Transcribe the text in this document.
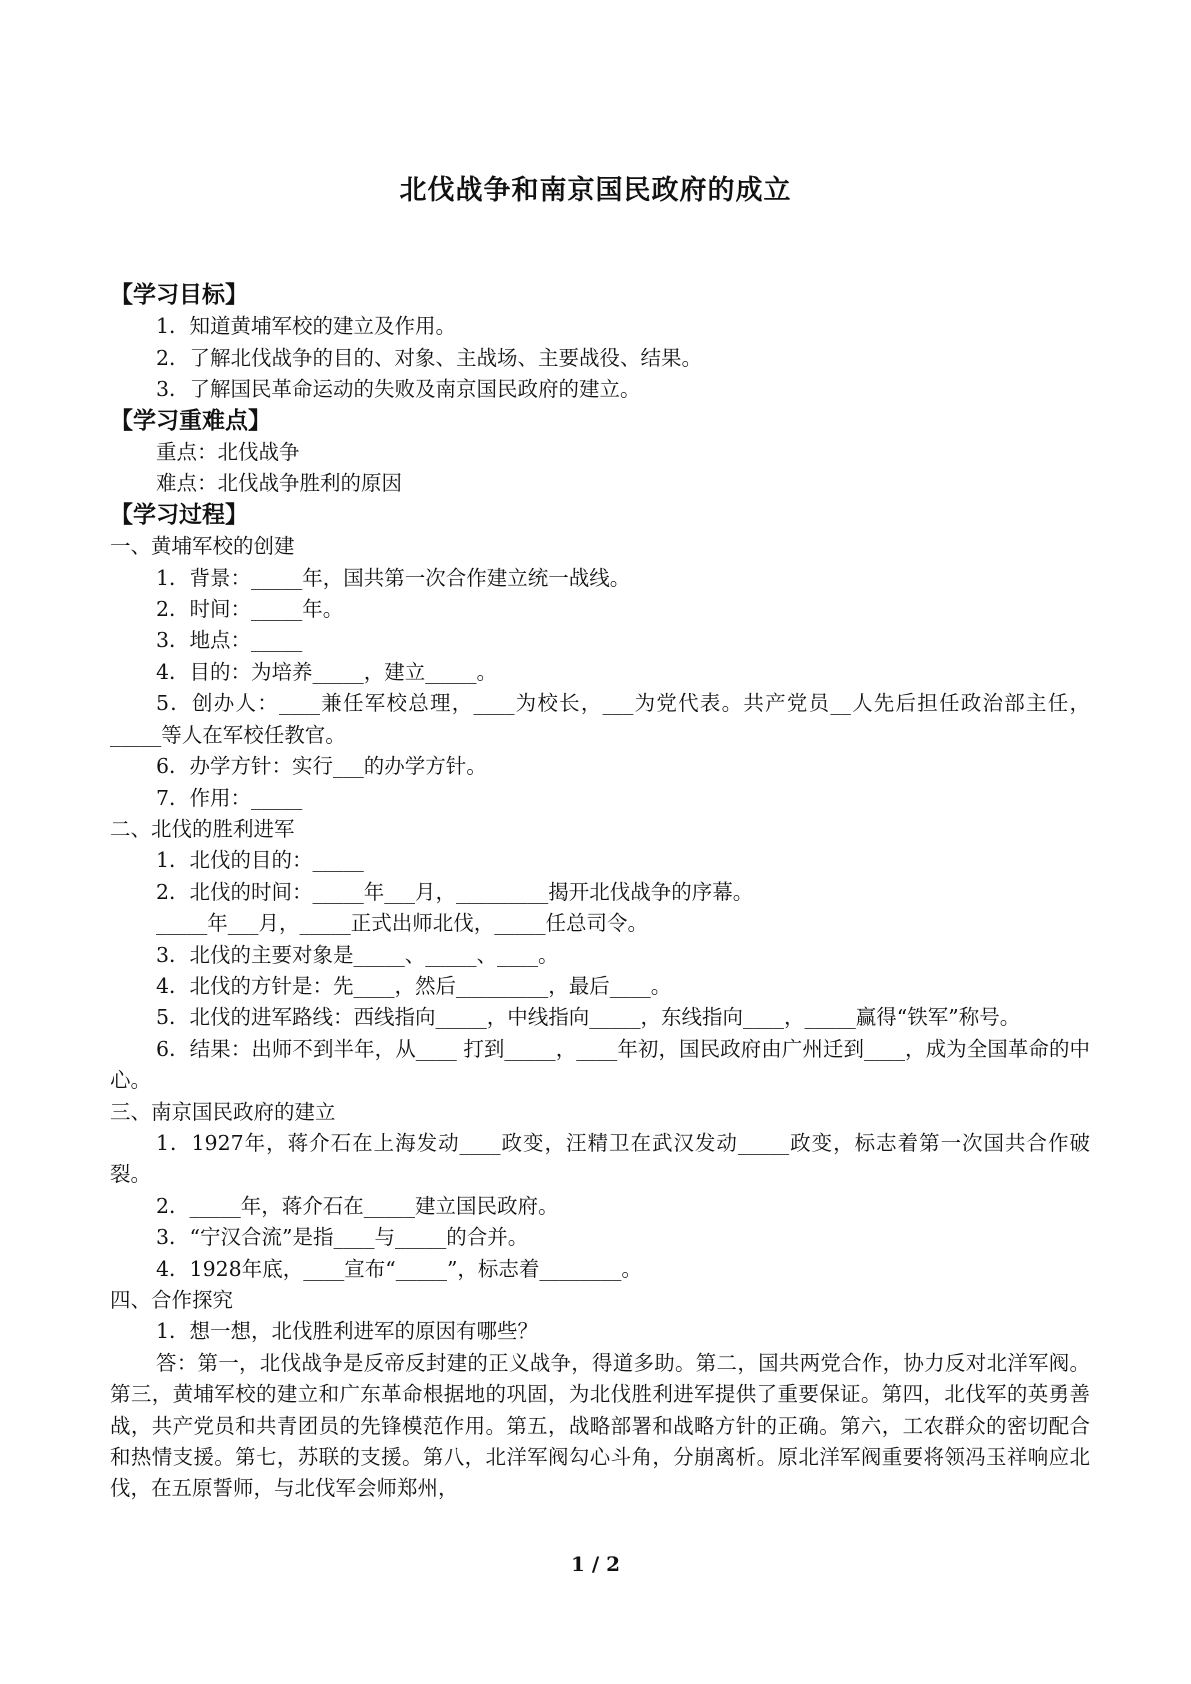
北伐战争和南京国民政府的成立
【学习目标】
1．知道黄埔军校的建立及作用。
2．了解北伐战争的目的、对象、主战场、主要战役、结果。
3．了解国民革命运动的失败及南京国民政府的建立。
【学习重难点】
重点：北伐战争
难点：北伐战争胜利的原因
【学习过程】
一、黄埔军校的创建
1．背景：_____年，国共第一次合作建立统一战线。
2．时间：_____年。
3．地点：_____
4．目的：为培养_____，建立_____。
5．创办人：____兼任军校总理，____为校长，___为党代表。共产党员__人先后担任政治部主任，_____等人在军校任教官。
6．办学方针：实行___的办学方针。
7．作用：_____
二、北伐的胜利进军
1．北伐的目的：_____
2．北伐的时间：_____年___月，_________揭开北伐战争的序幕。
_____年___月，_____正式出师北伐，_____任总司令。
3．北伐的主要对象是_____、_____、____。
4．北伐的方针是：先____，然后_________，最后____。
5．北伐的进军路线：西线指向_____，中线指向_____，东线指向____，_____赢得“铁军”称号。
6．结果：出师不到半年，从____ 打到_____，____年初，国民政府由广州迁到____，成为全国革命的中心。
三、南京国民政府的建立
1．1927年，蒋介石在上海发动____政变，汪精卫在武汉发动_____政变，标志着第一次国共合作破裂。
2．_____年，蒋介石在_____建立国民政府。
3．“宁汉合流”是指____与_____的合并。
4．1928年底，____宣布“_____”，标志着________。
四、合作探究
1．想一想，北伐胜利进军的原因有哪些？
答：第一，北伐战争是反帝反封建的正义战争，得道多助。第二，国共两党合作，协力反对北洋军阀。第三，黄埔军校的建立和广东革命根据地的巩固，为北伐胜利进军提供了重要保证。第四，北伐军的英勇善战，共产党员和共青团员的先锋模范作用。第五，战略部署和战略方针的正确。第六，工农群众的密切配合和热情支援。第七，苏联的支援。第八，北洋军阀勾心斗角，分崩离析。原北洋军阀重要将领冯玉祥响应北伐，在五原誓师，与北伐军会师郑州，
1 / 2
